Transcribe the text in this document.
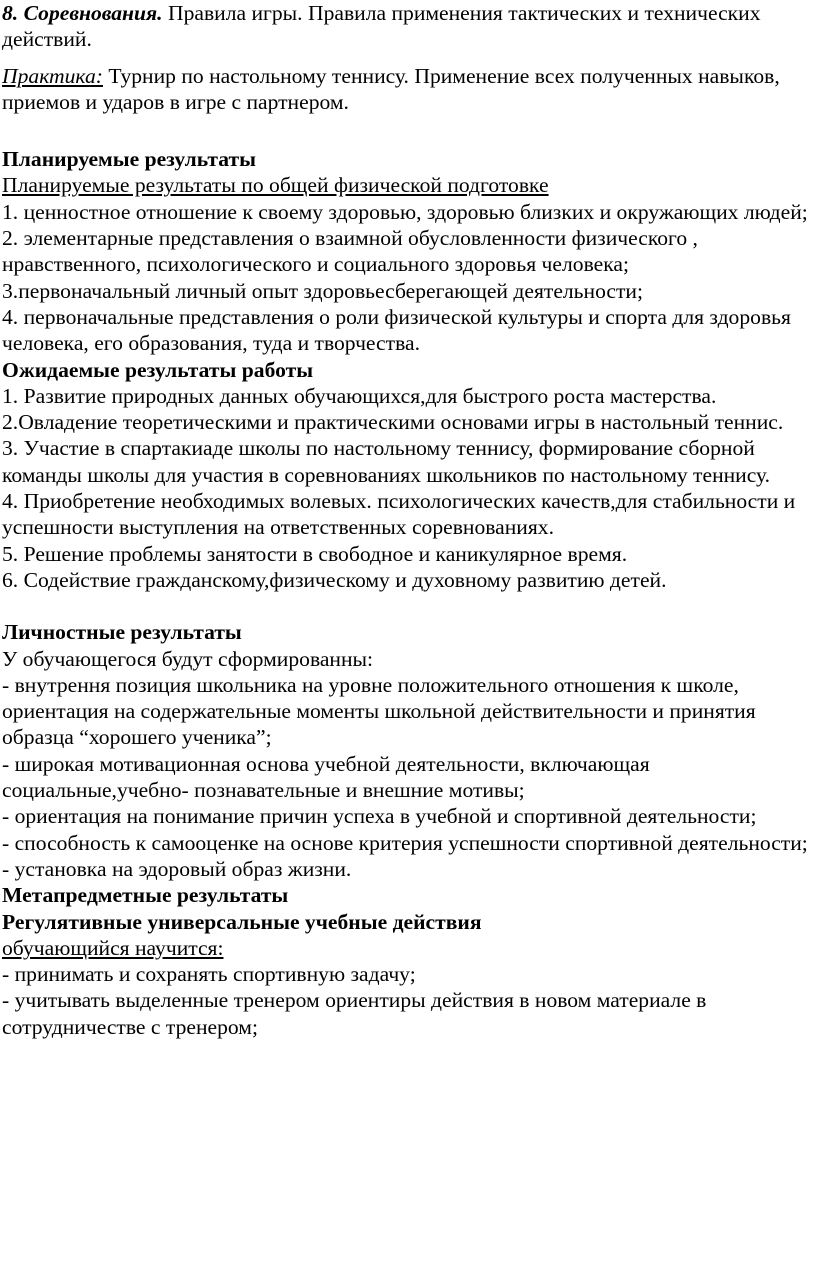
8. Соревнования. Правила игры. Правила применения тактических и технических действий.

Практика: Турнир по настольному теннису. Применение всех полученных навыков, приемов и ударов в игре с партнером.

Планируемые результаты

Планируемые результаты по общей физической подготовке

1. ценностное отношение к своему здоровью, здоровью близких и окружающих людей;

2. элементарные представления о взаимной обусловленности физического , нравственного, психологического и социального здоровья человека;

3.первоначальный личный опыт здоровьесберегающей деятельности;

4. первоначальные представления о роли физической культуры и спорта для здоровья человека, его образования, туда и творчества.

Ожидаемые результаты работы

1. Развитие природных данных обучающихся,для быстрого роста мастерства.

2.Овладение теоретическими и практическими основами игры в настольный теннис.

3. Участие в спартакиаде школы по настольному теннису, формирование сборной команды школы для участия в соревнованиях школьников по настольному теннису.

4. Приобретение необходимых волевых. психологических качеств,для стабильности и успешности выступления на ответственных соревнованиях.

5. Решение проблемы занятости в свободное и каникулярное время.

6. Содействие гражданскому,физическому и духовному развитию детей.

Личностные результаты

У обучающегося будут сформированны:

- внутрення позиция школьника на уровне положительного отношения к школе, ориентация на содержательные моменты школьной действительности и принятия образца “хорошего ученика”;

- широкая мотивационная основа учебной деятельности, включающая социальные,учебно- познавательные и внешние мотивы;

- ориентация на понимание причин успеха в учебной и спортивной деятельности;

- способность к самооценке на основе критерия успешности спортивной деятельности;

- установка на эдоровый образ жизни.

Метапредметные результаты

Регулятивные универсальные учебные действия

обучающийся научится:

- принимать и сохранять спортивную задачу;

- учитывать выделенные тренером ориентиры действия в новом материале в сотрудничестве с тренером;
